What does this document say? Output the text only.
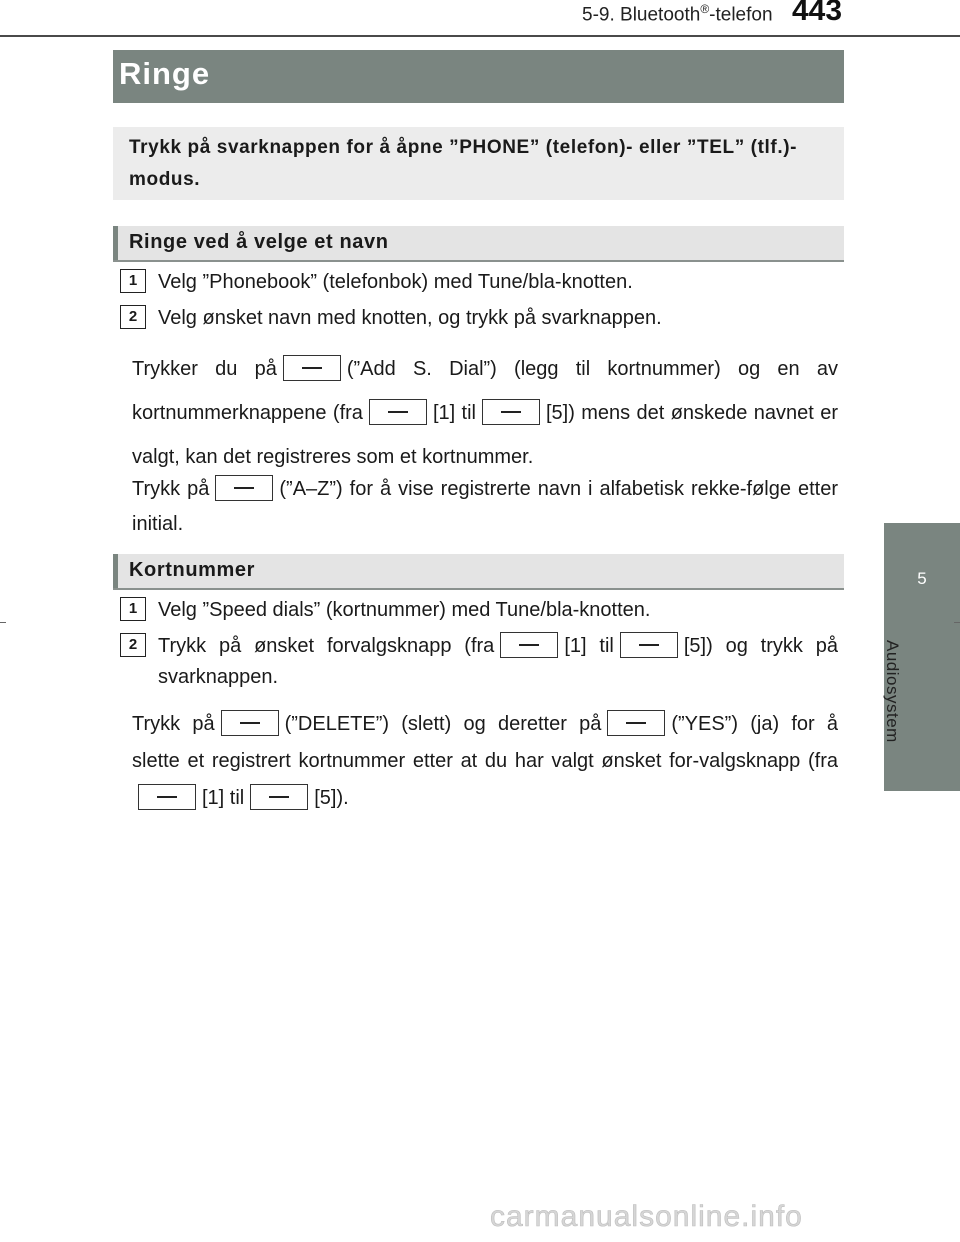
5-9. Bluetooth®-telefon 443
5
Audiosystem
Ringe

Trykk på svarknappen for å åpne ”PHONE” (telefon)- eller ”TEL” (tlf.)-modus.

Ringe ved å velge et navn
1	Velg ”Phonebook” (telefonbok) med Tune/bla-knotten.
2	Velg ønsket navn med knotten, og trykk på svarknappen.
Trykker du på	(”Add S. Dial”) (legg til kortnummer) og en av kortnummerknappene (fra	[1] til	[5]) mens det ønskede navnet er valgt, kan det registreres som et kortnummer.
Trykk på	(”A–Z”) for å vise registrerte navn i alfabetisk rekke-følge etter initial.
Kortnummer
1	Velg ”Speed dials” (kortnummer) med Tune/bla-knotten.
2	Trykk på ønsket forvalgsknapp (fra	[1] til	[5]) og trykk på svarknappen.
Trykk på	(”DELETE”) (slett) og deretter på	(”YES”) (ja) for å slette et registrert kortnummer etter at du har valgt ønsket for-valgsknapp (fra[1] til	[5]).
carmanualsonline.info
